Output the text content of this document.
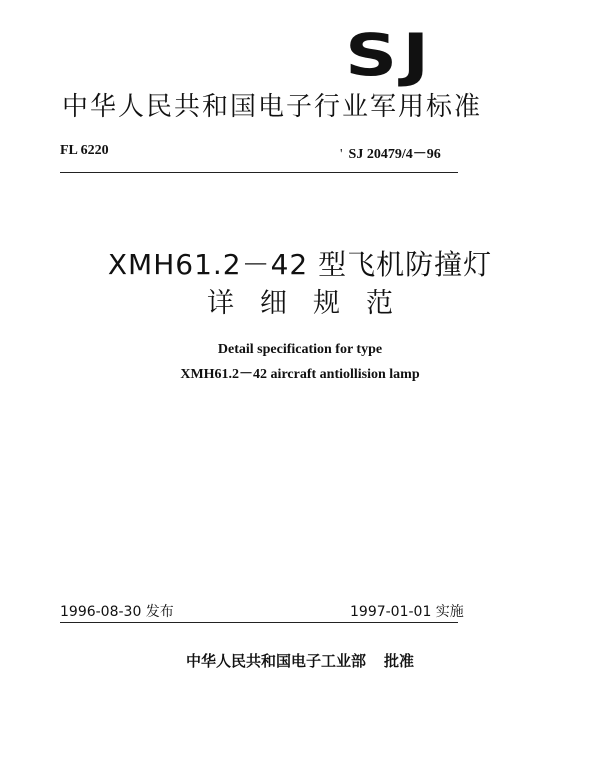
SJ
中华人民共和国电子行业军用标准
FL 6220	' SJ 20479/4－96
XMH61.2－42 型飞机防撞灯
详细规范
Detail specification for type
XMH61.2－42 aircraft antiollision lamp
1996-08-30 发布	1997-01-01 实施
中华人民共和国电子工业部 批准
